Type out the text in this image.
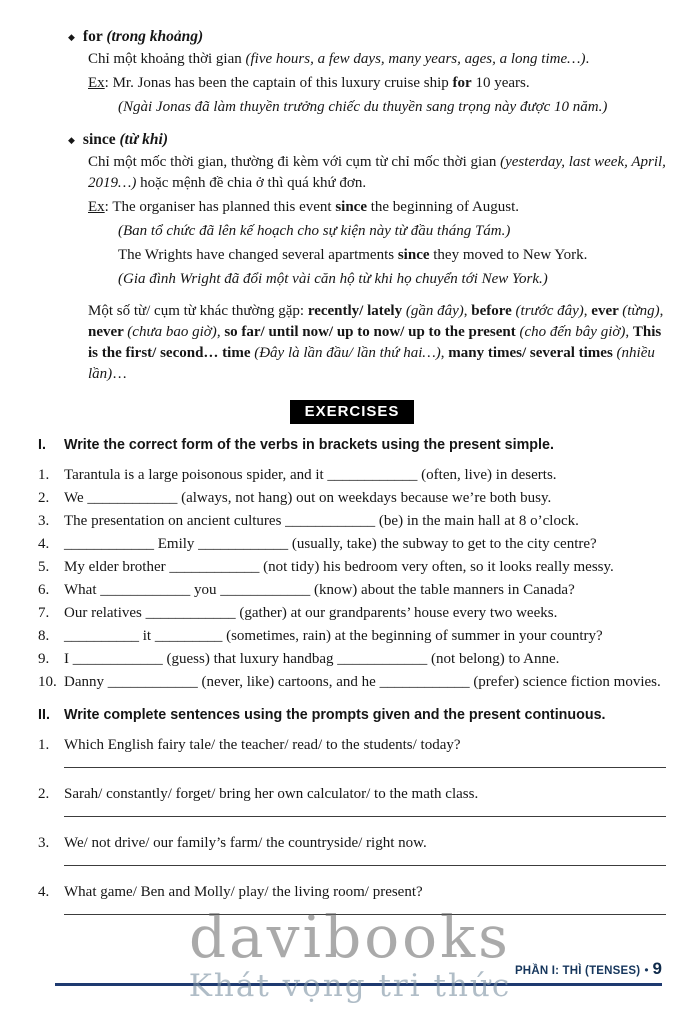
◆ for (trong khoảng)

Chỉ một khoảng thời gian (five hours, a few days, many years, ages, a long time…).

Ex: Mr. Jonas has been the captain of this luxury cruise ship for 10 years.

(Ngài Jonas đã làm thuyền trưởng chiếc du thuyền sang trọng này được 10 năm.)

◆ since (từ khi)

Chỉ một mốc thời gian, thường đi kèm với cụm từ chỉ mốc thời gian (yesterday, last week, April, 2019…) hoặc mệnh đề chia ở thì quá khứ đơn.

Ex: The organiser has planned this event since the beginning of August.

(Ban tổ chức đã lên kế hoạch cho sự kiện này từ đầu tháng Tám.)

The Wrights have changed several apartments since they moved to New York.

(Gia đình Wright đã đổi một vài căn hộ từ khi họ chuyển tới New York.)

Một số từ/ cụm từ khác thường gặp: recently/ lately (gần đây), before (trước đây), ever (từng), never (chưa bao giờ), so far/ until now/ up to now/ up to the present (cho đến bây giờ), This is the first/ second… time (Đây là lần đầu/ lần thứ hai…), many times/ several times (nhiều lần)…

EXERCISES
I.	Write the correct form of the verbs in brackets using the present simple.
1. Tarantula is a large poisonous spider, and it ____________ (often, live) in deserts.
2. We ____________ (always, not hang) out on weekdays because we’re both busy.
3. The presentation on ancient cultures ____________ (be) in the main hall at 8 o’clock.
4. ____________ Emily ____________ (usually, take) the subway to get to the city centre?
5. My elder brother ____________ (not tidy) his bedroom very often, so it looks really messy.
6. What ____________ you ____________ (know) about the table manners in Canada?
7. Our relatives ____________ (gather) at our grandparents’ house every two weeks.
8. __________ it _________ (sometimes, rain) at the beginning of summer in your country?
9. I ____________ (guess) that luxury handbag ____________ (not belong) to Anne.
10. Danny ____________ (never, like) cartoons, and he ____________ (prefer) science fiction movies.
II. Write complete sentences using the prompts given and the present continuous.
1. Which English fairy tale/ the teacher/ read/ to the students/ today?
2. Sarah/ constantly/ forget/ bring her own calculator/ to the math class.
3. We/ not drive/ our family’s farm/ the countryside/ right now.
4. What game/ Ben and Molly/ play/ the living room/ present?
davibooks
Khát vọng tri thức PHẦN I: THÌ (TENSES) • 9
